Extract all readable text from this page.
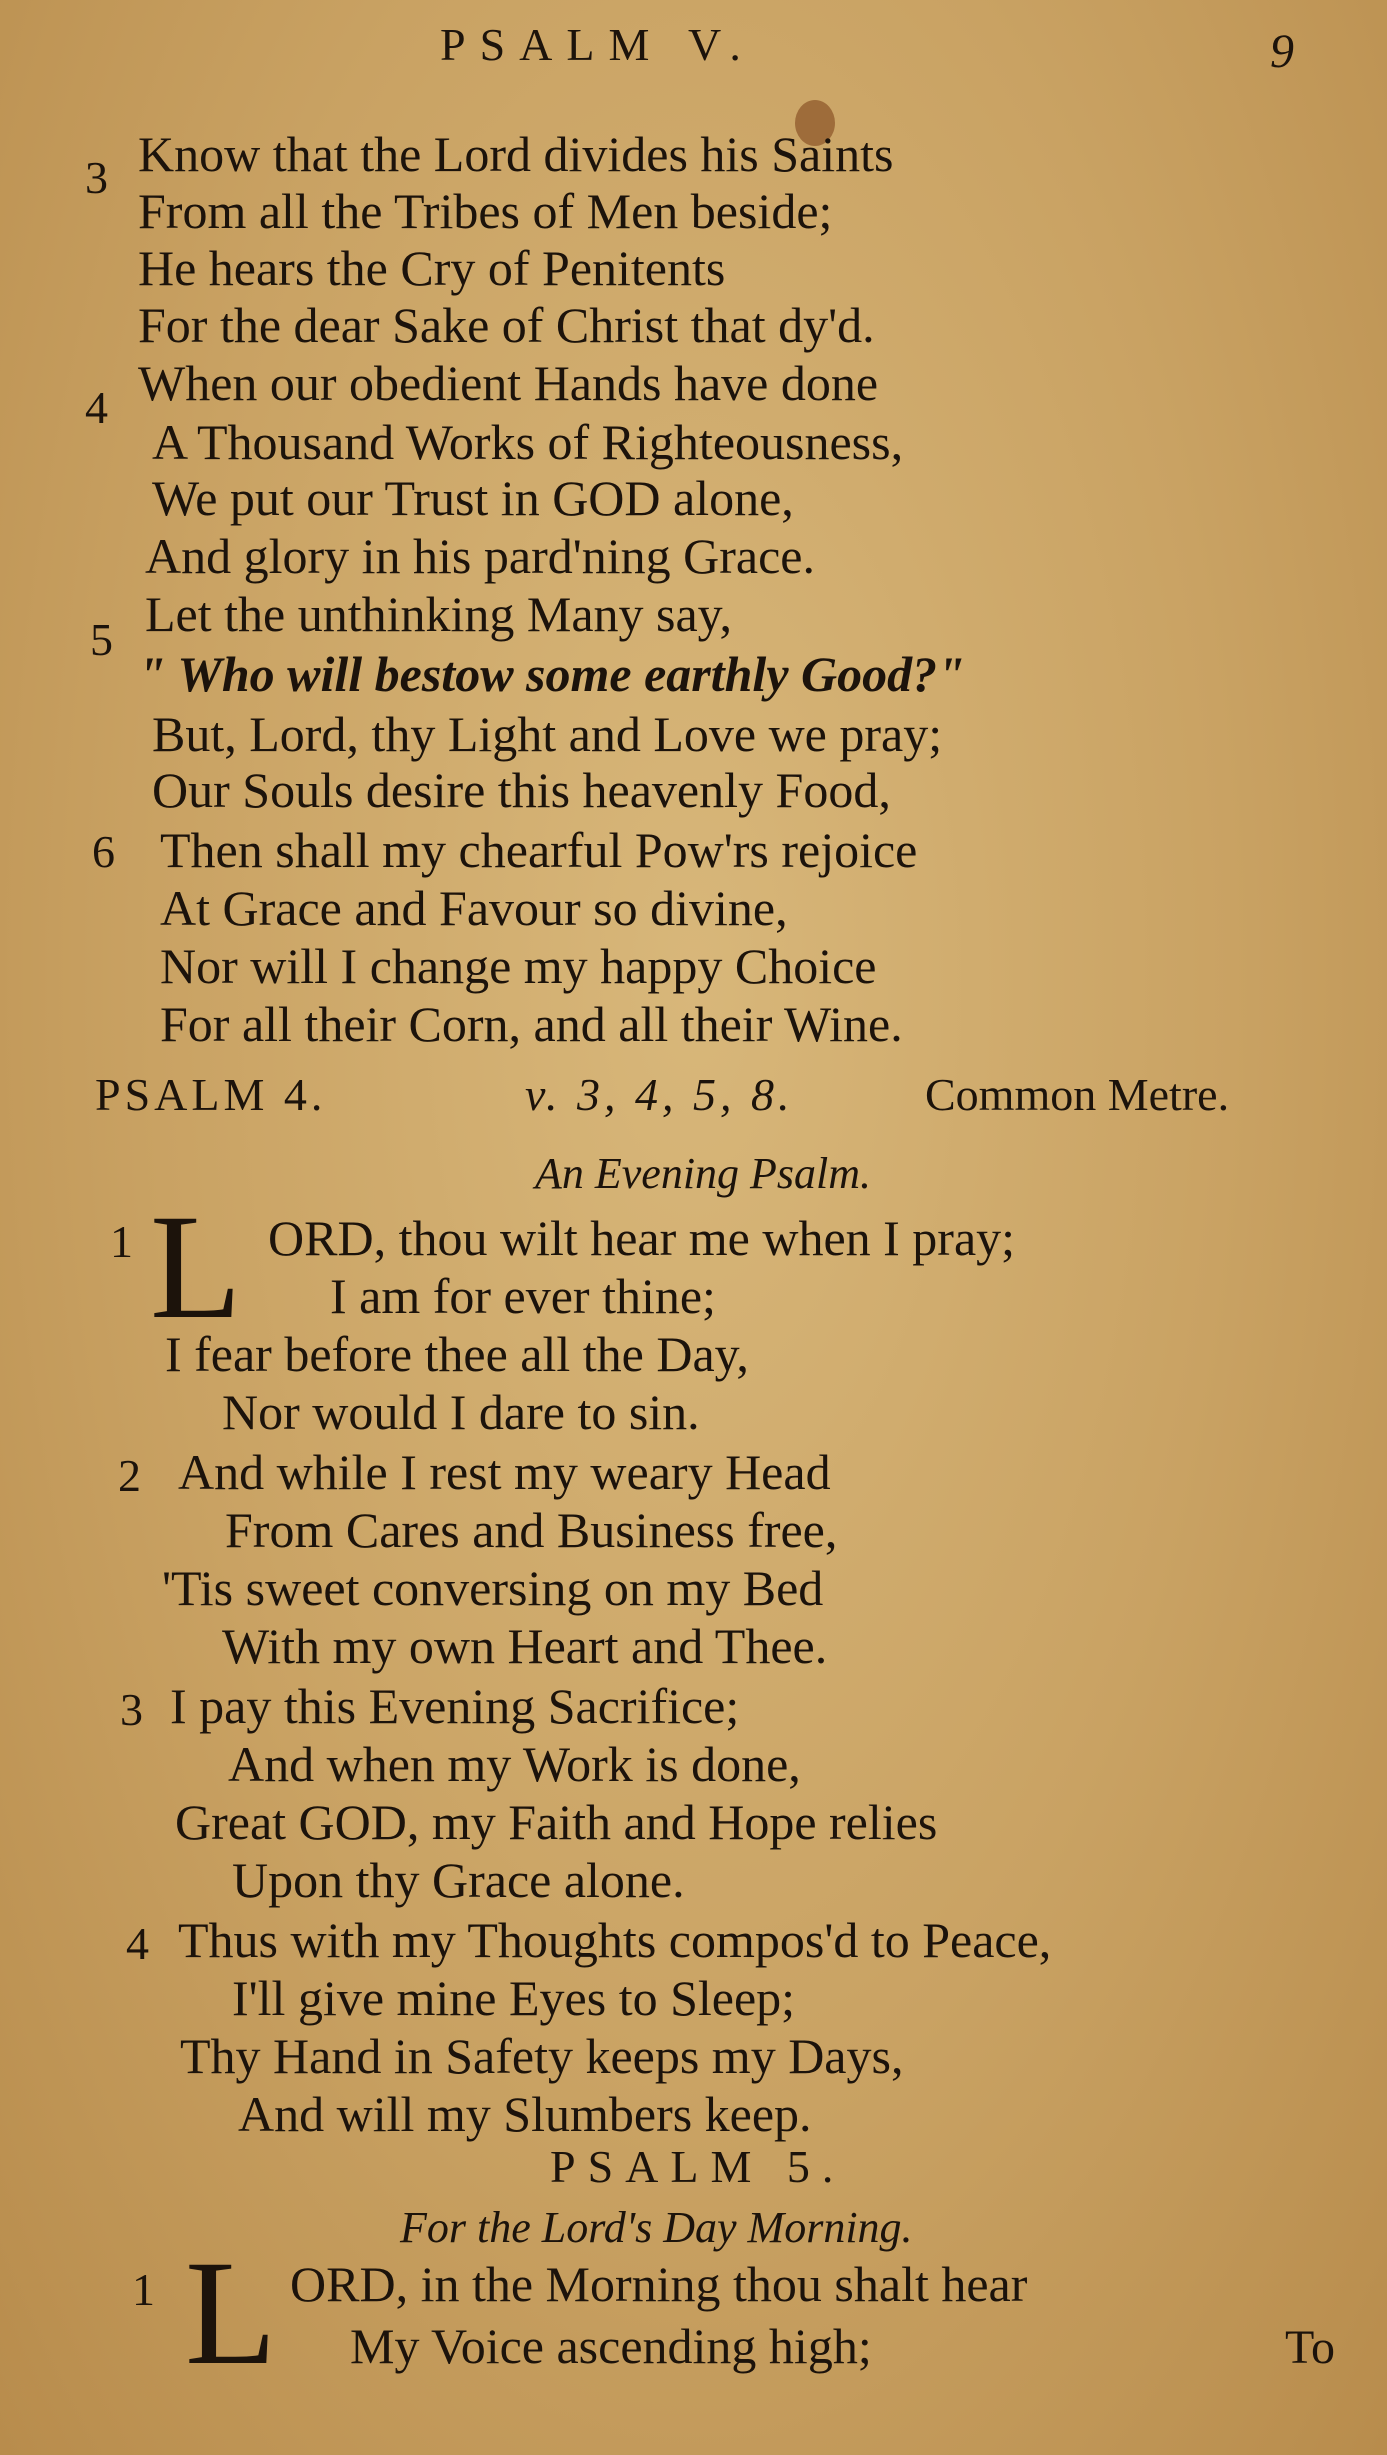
PSALM V.	9
3 Know that the Lord divides his Saints
From all the Tribes of Men beside;
He hears the Cry of Penitents
For the dear Sake of Christ that dy'd.
4 When our obedient Hands have done
A Thousand Works of Righteousness,
We put our Trust in GOD alone,
And glory in his pard'ning Grace.
5 Let the unthinking Many say,
" Who will bestow some earthly Good?"
But, Lord, thy Light and Love we pray;
Our Souls desire this heavenly Food,
6 Then shall my chearful Pow'rs rejoice
At Grace and Favour so divine,
Nor will I change my happy Choice
For all their Corn, and all their Wine.
PSALM 4.	v. 3, 4, 5, 8.	Common Metre.
An Evening Psalm.
1 L ORD, thou wilt hear me when I pray;
I am for ever thine;
I fear before thee all the Day,
Nor would I dare to sin.
2 And while I rest my weary Head
From Cares and Business free,
'Tis sweet conversing on my Bed
With my own Heart and Thee.
3 I pay this Evening Sacrifice;
And when my Work is done,
Great GOD, my Faith and Hope relies
Upon thy Grace alone.
4 Thus with my Thoughts compos'd to Peace,
I'll give mine Eyes to Sleep;
Thy Hand in Safety keeps my Days,
And will my Slumbers keep.
PSALM 5.
For the Lord's Day Morning.
1 L ORD, in the Morning thou shalt hear
My Voice ascending high;	To
